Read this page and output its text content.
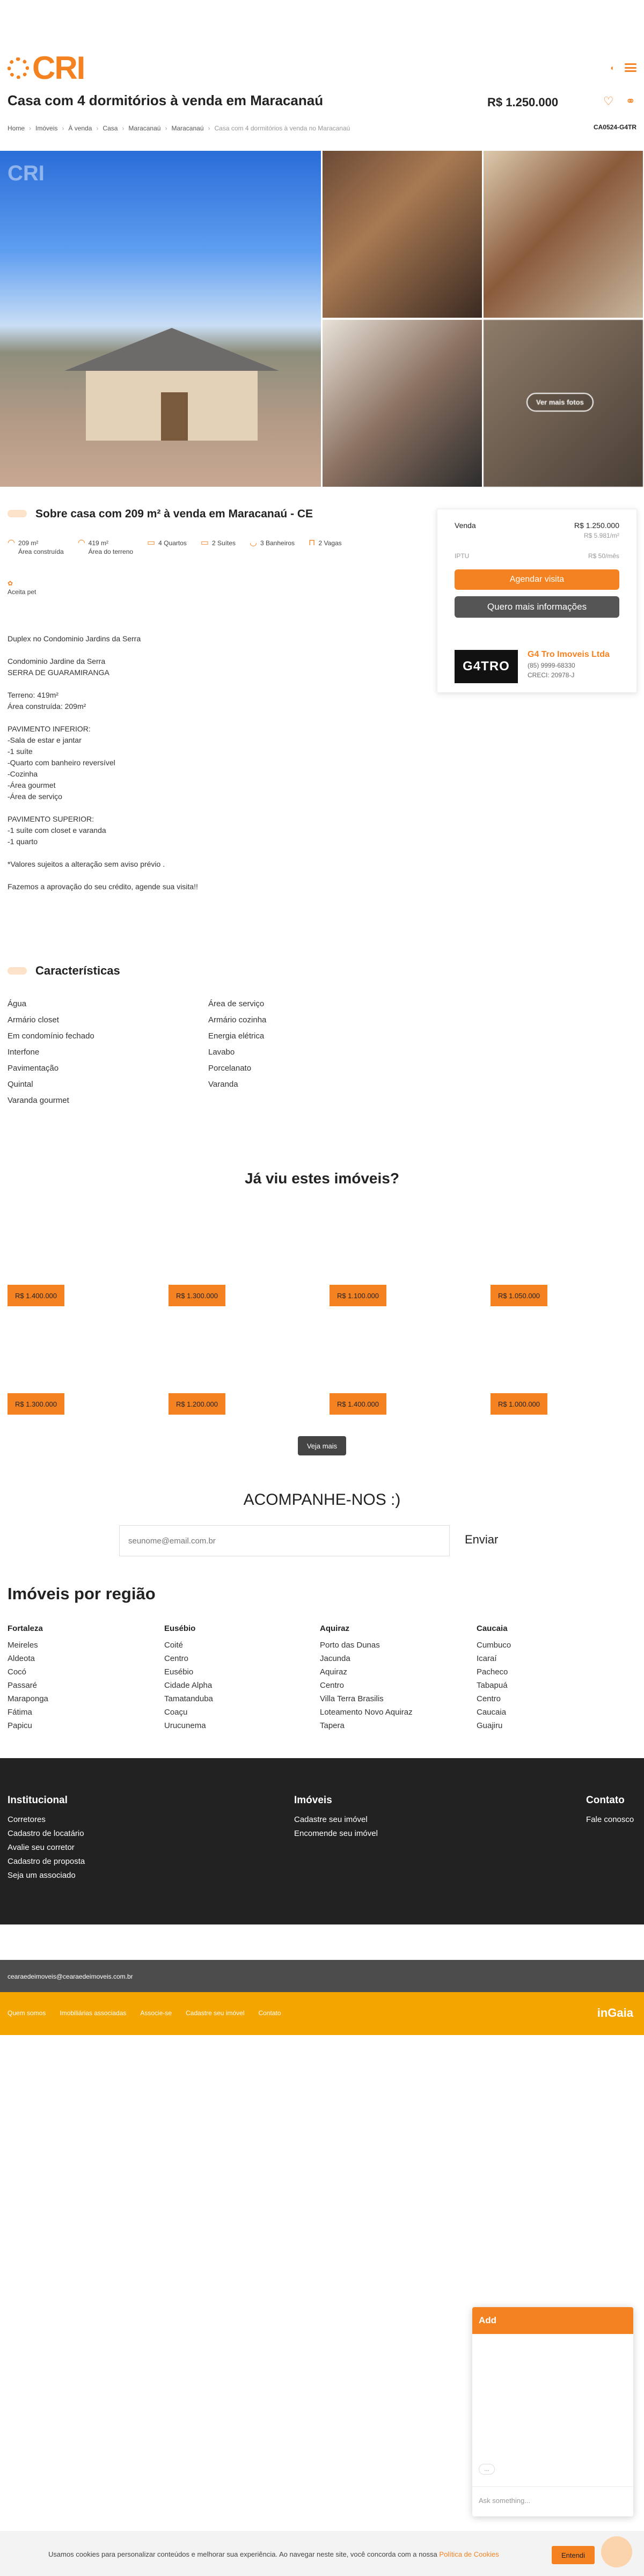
CRI	◐
Casa com 4 dormitórios à venda em Maracanaú	R$ 1.250.000	♡ ⚭
Home › Imóveis › À venda › Casa › Maracanaú › Maracanaú › Casa com 4 dormitórios à venda no Maracanaú	CA0524-G4TR
CRI
Ver mais fotos
Sobre casa com 209 m² à venda em Maracanaú - CE
◠ 209 m²
Área construída
◠ 419 m²
Área do terreno
▭ 4 Quartos ▭ 2 Suítes ◡ 3 Banheiros ⊓ 2 Vagas
✿
Aceita pet
Duplex no Condominio Jardins da Serra

Condominio Jardine da Serra
SERRA DE GUARAMIRANGA

Terreno: 419m²
Área construída: 209m²

PAVIMENTO INFERIOR:
-Sala de estar e jantar
-1 suíte
-Quarto com banheiro reversível
-Cozinha
-Área gourmet
-Área de serviço

PAVIMENTO SUPERIOR:
-1 suíte com closet e varanda
-1 quarto

*Valores sujeitos a alteração sem aviso prévio .

Fazemos a aprovação do seu crédito, agende sua visita!!
Venda	R$ 1.250.000
R$ 5.981/m²
IPTU	R$ 50/mês
Agendar visita
Quero mais informações
G4TRO
G4 Tro Imoveis Ltda
(85) 9999-68330
CRECI: 20978-J
Características
Água
Armário closet
Em condomínio fechado
Interfone
Pavimentação
Quintal
Varanda gourmet
Área de serviço
Armário cozinha
Energia elétrica
Lavabo
Porcelanato
Varanda
Já viu estes imóveis?
R$ 1.400.000	R$ 1.300.000	R$ 1.100.000	R$ 1.050.000
R$ 1.300.000	R$ 1.200.000	R$ 1.400.000	R$ 1.000.000
Veja mais
ACOMPANHE-NOS :)
seunome@email.com.br
Enviar
Imóveis por região
Fortaleza
Meireles
Aldeota
Cocó
Passaré
Maraponga
Fátima
Papicu
Eusébio
Coité
Centro
Eusébio
Cidade Alpha
Tamatanduba
Coaçu
Urucunema
Aquiraz
Porto das Dunas
Jacunda
Aquiraz
Centro
Villa Terra Brasilis
Loteamento Novo Aquiraz
Tapera
Caucaia
Cumbuco
Icaraí
Pacheco
Tabapuá
Centro
Caucaia
Guajiru
Institucional
Corretores
Cadastro de locatário
Avalie seu corretor
Cadastro de proposta
Seja um associado
Imóveis
Cadastre seu imóvel
Encomende seu imóvel
Contato
Fale conosco
cearaedeimoveis@cearaedeimoveis.com.br
Quem somos Imobiliárias associadas Associe-se Cadastre seu imóvel Contato	inGaia
Add
...
Ask something...
Usamos cookies para personalizar conteúdos e melhorar sua experiência. Ao navegar neste site, você concorda com a nossa Política de Cookies	Entendi
